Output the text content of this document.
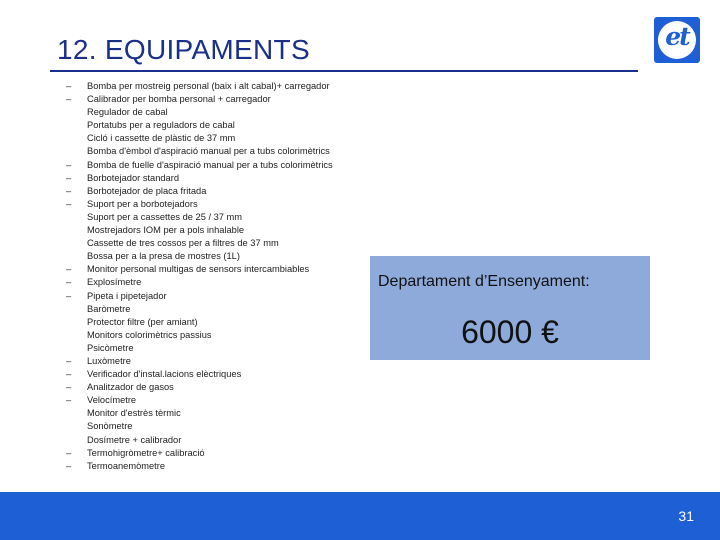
12. EQUIPAMENTS	et
–	Bomba per mostreig personal (baix i alt cabal)+ carregador
–	Calibrador per bomba personal + carregador
Regulador de cabal
Portatubs per a reguladors de cabal
Cicló i cassette de plàstic de 37 mm
Bomba d'èmbol d'aspiració manual per a tubs colorimètrics
–	Bomba de fuelle d'aspiració manual per a tubs colorimètrics
–	Borbotejador standard
–	Borbotejador de placa fritada
–	Suport per a borbotejadors
Suport per a cassettes de 25 / 37 mm
Mostrejadors IOM per a pols inhalable
Cassette de tres cossos per a filtres de 37 mm
Bossa per a la presa de mostres (1L)
–	Monitor personal multigas de sensors intercambiables
–	Explosímetre
–	Pipeta i pipetejador
Baròmetre
Protector filtre (per amiant)
Monitors colorimètrics passius
Psicòmetre
–	Luxòmetre
–	Verificador d'instal.lacions elèctriques
–	Analitzador de gasos
–	Velocímetre
Monitor d'estrès tèrmic
Sonòmetre
Dosímetre + calibrador
–	Termohigròmetre+ calibració
–	Termoanemòmetre
Departament d’Ensenyament:
6000 €
31
